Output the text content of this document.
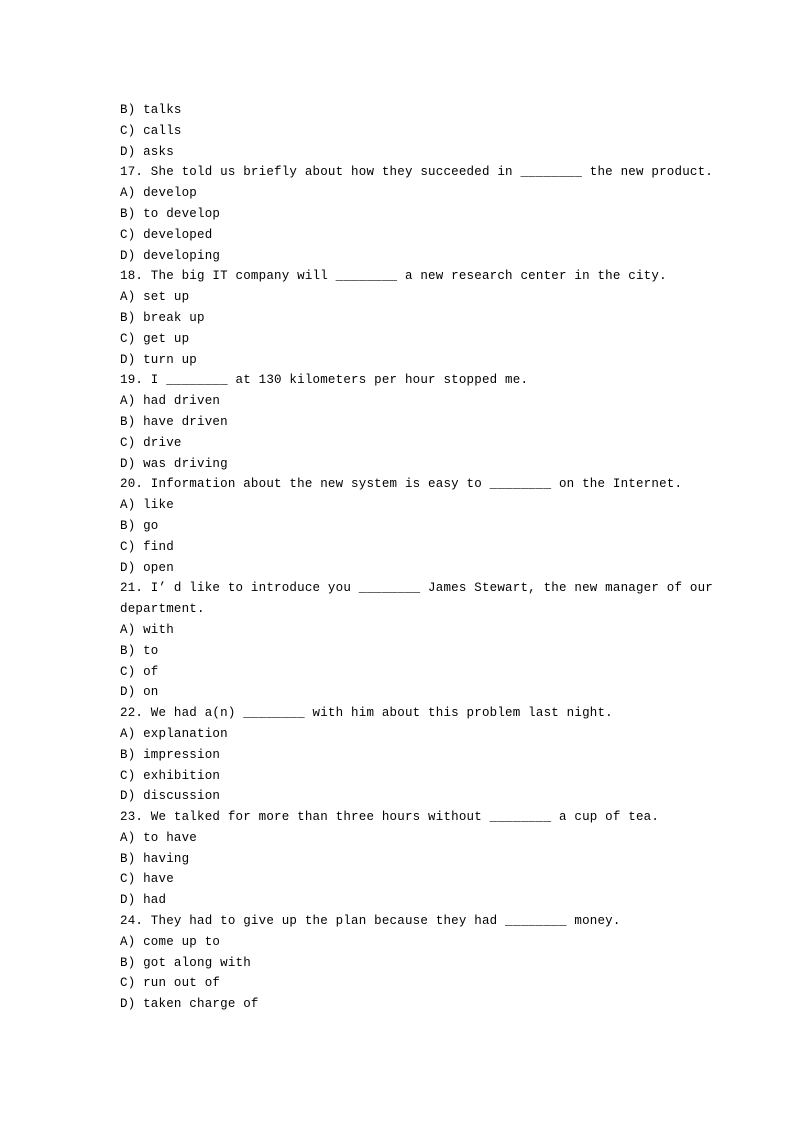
B) talks
C) calls
D) asks
17. She told us briefly about how they succeeded in ________ the new product.
A) develop
B) to develop
C) developed
D) developing
18. The big IT company will ________ a new research center in the city.
A) set up
B) break up
C) get up
D) turn up
19. I ________ at 130 kilometers per hour stopped me.
A) had driven
B) have driven
C) drive
D) was driving
20. Information about the new system is easy to ________ on the Internet.
A) like
B) go
C) find
D) open
21. I’ d like to introduce you ________ James Stewart, the new manager of our
department.
A) with
B) to
C) of
D) on
22. We had a(n) ________ with him about this problem last night.
A) explanation
B) impression
C) exhibition
D) discussion
23. We talked for more than three hours without ________ a cup of tea.
A) to have
B) having
C) have
D) had
24. They had to give up the plan because they had ________ money.
A) come up to
B) got along with
C) run out of
D) taken charge of
